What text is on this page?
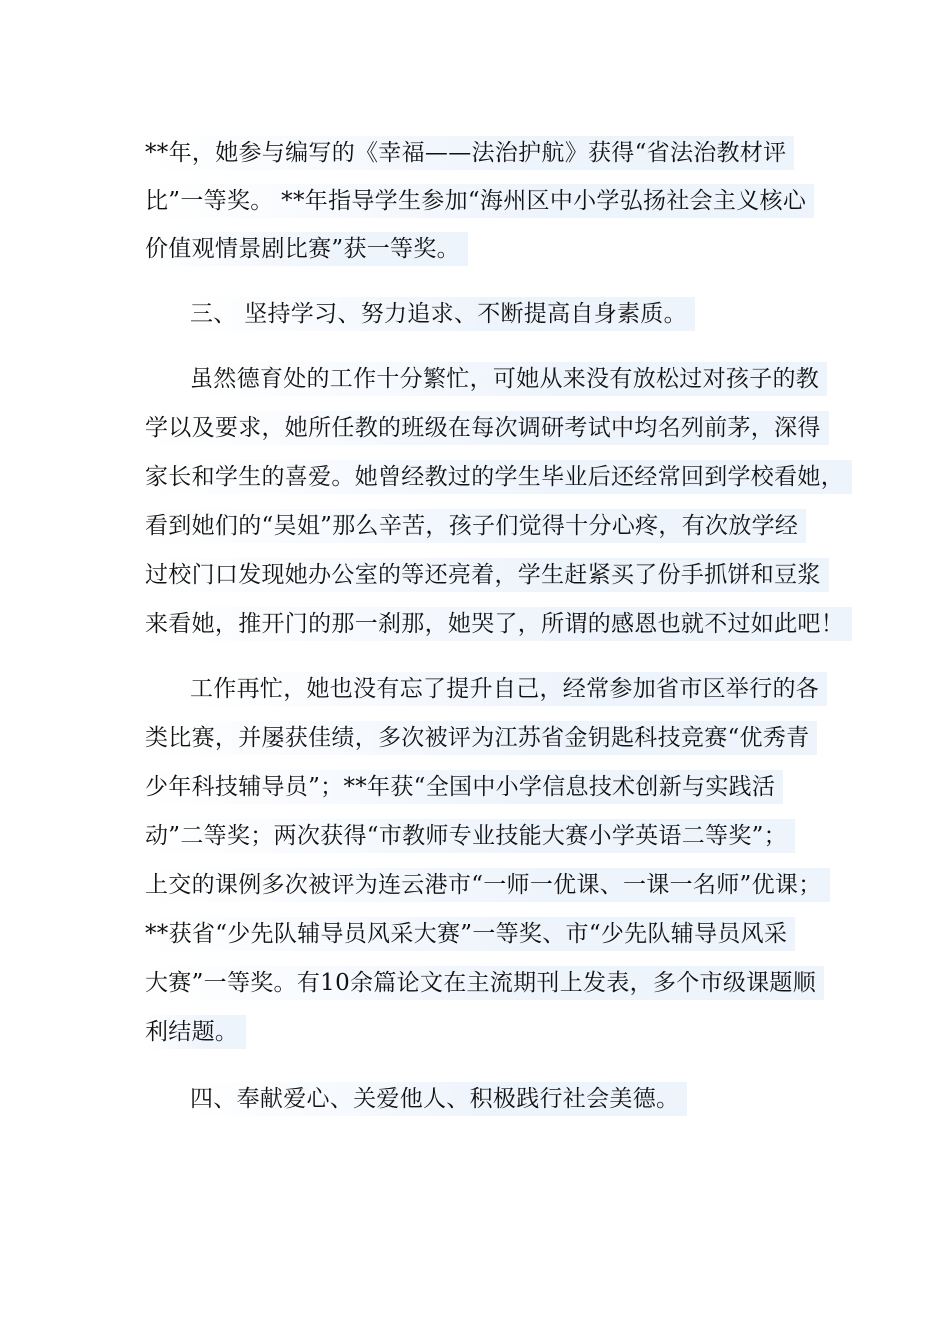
**年，她参与编写的《幸福——法治护航》获得“省法治教材评
比”一等奖。 **年指导学生参加“海州区中小学弘扬社会主义核心
价值观情景剧比赛”获一等奖。
三、 坚持学习、努力追求、不断提高自身素质。
虽然德育处的工作十分繁忙，可她从来没有放松过对孩子的教
学以及要求，她所任教的班级在每次调研考试中均名列前茅，深得
家长和学生的喜爱。她曾经教过的学生毕业后还经常回到学校看她，
看到她们的“吴姐”那么辛苦，孩子们觉得十分心疼，有次放学经
过校门口发现她办公室的等还亮着，学生赶紧买了份手抓饼和豆浆
来看她，推开门的那一刹那，她哭了，所谓的感恩也就不过如此吧！
工作再忙，她也没有忘了提升自己，经常参加省市区举行的各
类比赛，并屡获佳绩，多次被评为江苏省金钥匙科技竞赛“优秀青
少年科技辅导员”；**年获“全国中小学信息技术创新与实践活
动”二等奖；两次获得“市教师专业技能大赛小学英语二等奖”；
上交的课例多次被评为连云港市“一师一优课、一课一名师”优课；
**获省“少先队辅导员风采大赛”一等奖、市“少先队辅导员风采
大赛”一等奖。有10余篇论文在主流期刊上发表，多个市级课题顺
利结题。
四、奉献爱心、关爱他人、积极践行社会美德。
